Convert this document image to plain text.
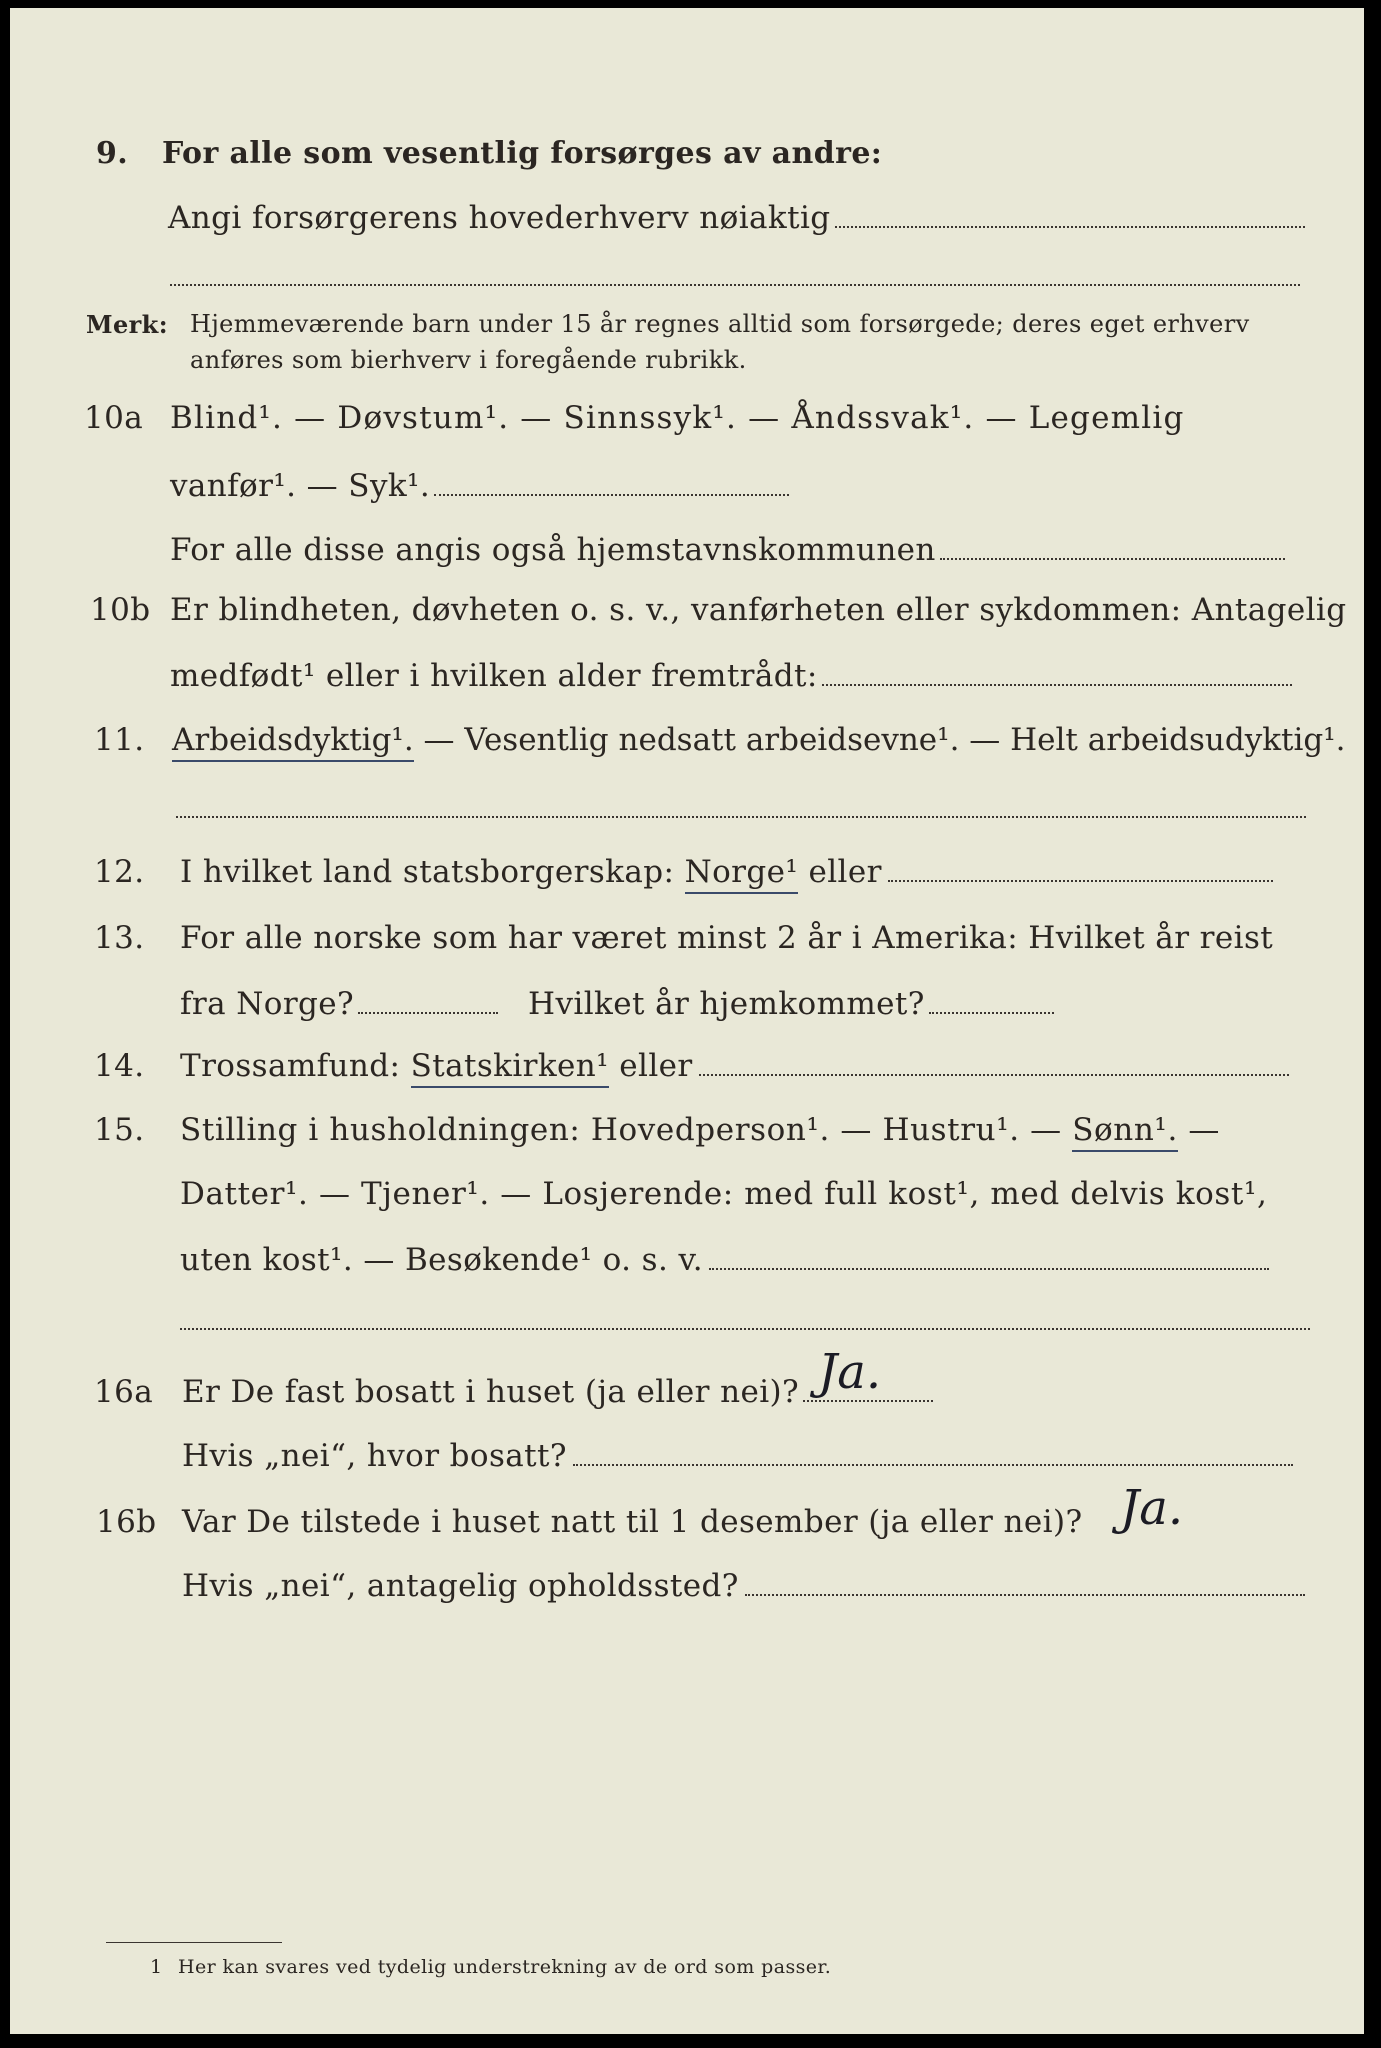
9. For alle som vesentlig forsørges av andre:
Angi forsørgerens hovederhverv nøiaktig
Merk: Hjemmeværende barn under 15 år regnes alltid som forsørgede; deres eget erhverv
anføres som bierhverv i foregående rubrikk.
10a Blind¹. — Døvstum¹. — Sinnssyk¹. — Åndssvak¹. — Legemlig
vanfør¹. — Syk¹.
For alle disse angis også hjemstavnskommunen
10b Er blindheten, døvheten o. s. v., vanførheten eller sykdommen: Antagelig
medfødt¹ eller i hvilken alder fremtrådt:
11. Arbeidsdyktig¹. — Vesentlig nedsatt arbeidsevne¹. — Helt arbeidsudyktig¹.
12. I hvilket land statsborgerskap: Norge¹ eller
13. For alle norske som har været minst 2 år i Amerika: Hvilket år reist
fra Norge?	Hvilket år hjemkommet?
14. Trossamfund: Statskirken¹ eller
15. Stilling i husholdningen: Hovedperson¹. — Hustru¹. — Sønn¹. —
Datter¹. — Tjener¹. — Losjerende: med full kost¹, med delvis kost¹,
uten kost¹. — Besøkende¹ o. s. v.
16a Er De fast bosatt i huset (ja eller nei)? Ja.
Hvis „nei“, hvor bosatt?
16b Var De tilstede i huset natt til 1 desember (ja eller nei)? Ja.
Hvis „nei“, antagelig opholdssted?
1 Her kan svares ved tydelig understrekning av de ord som passer.
